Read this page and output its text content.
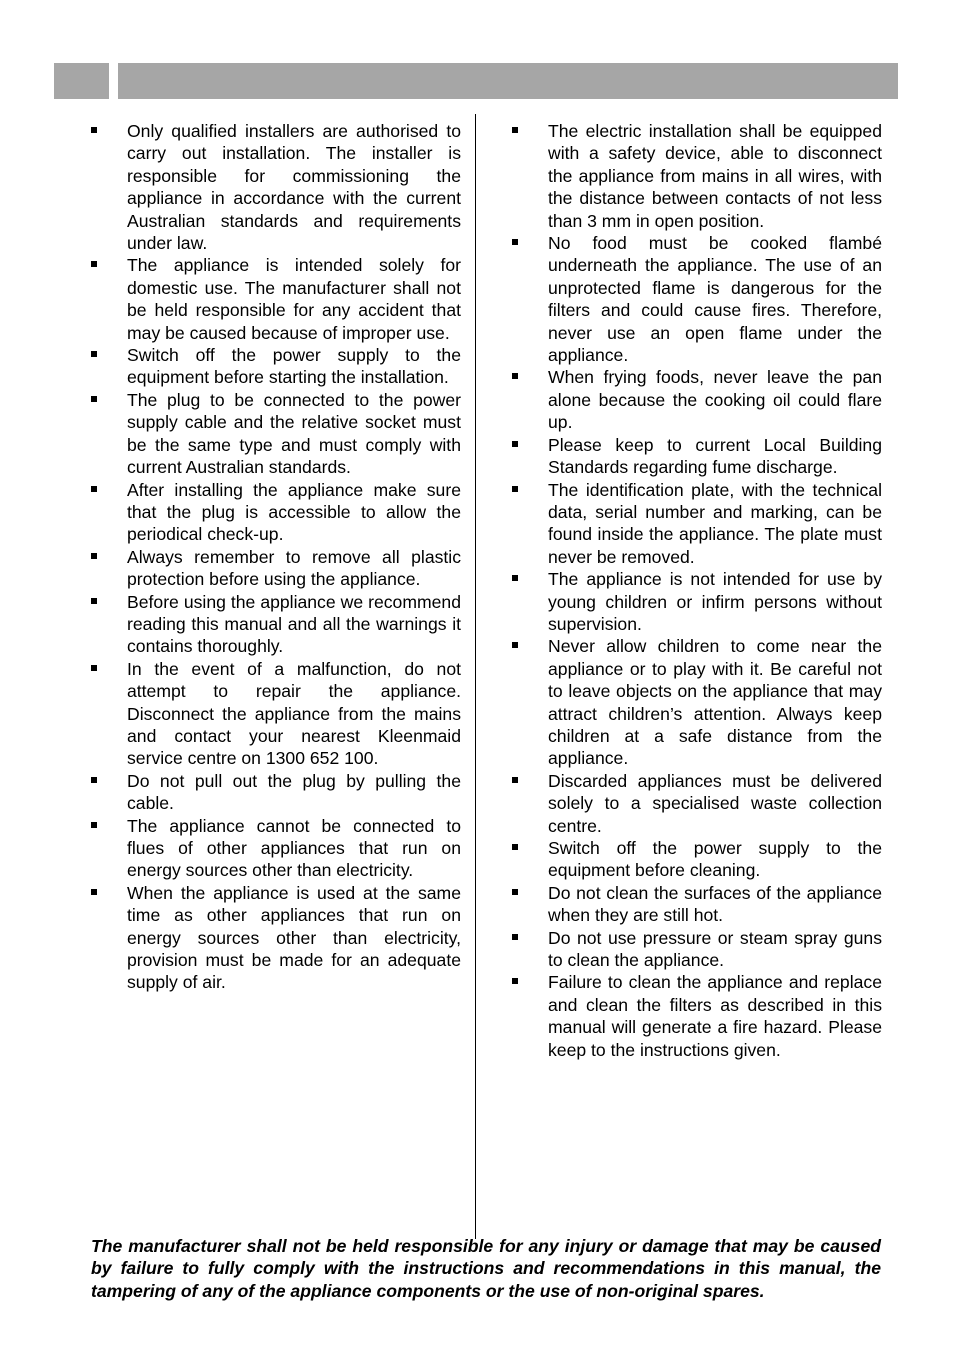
Only qualified installers are authorised to carry out installation. The installer is responsible for commissioning the appliance in accordance with the current Australian standards and requirements under law.
The appliance is intended solely for domestic use. The manufacturer shall not be held responsible for any accident that may be caused because of improper use.
Switch off the power supply to the equipment before starting the installation.
The plug to be connected to the power supply cable and the relative socket must be the same type and must comply with current Australian standards.
After installing the appliance make sure that the plug is accessible to allow the periodical check-up.
Always remember to remove all plastic protection before using the appliance.
Before using the appliance we recommend reading this manual and all the warnings it contains thoroughly.
In the event of a malfunction, do not attempt to repair the appliance. Disconnect the appliance from the mains and contact your nearest Kleenmaid service centre on 1300 652 100.
Do not pull out the plug by pulling the cable.
The appliance cannot be connected to flues of other appliances that run on energy sources other than electricity.
When the appliance is used at the same time as other appliances that run on energy sources other than electricity, provision must be made for an adequate supply of air.
The electric installation shall be equipped with a safety device, able to disconnect the appliance from mains in all wires, with the distance between contacts of not less than 3 mm in open position.
No food must be cooked flambé underneath the appliance. The use of an unprotected flame is dangerous for the filters and could cause fires. Therefore, never use an open flame under the appliance.
When frying foods, never leave the pan alone because the cooking oil could flare up.
Please keep to current Local Building Standards regarding fume discharge.
The identification plate, with the technical data, serial number and marking, can be found inside the appliance. The plate must never be removed.
The appliance is not intended for use by young children or infirm persons without supervision.
Never allow children to come near the appliance or to play with it. Be careful not to leave objects on the appliance that may attract children’s attention. Always keep children at a safe distance from the appliance.
Discarded appliances must be delivered solely to a specialised waste collection centre.
Switch off the power supply to the equipment before cleaning.
Do not clean the surfaces of the appliance when they are still hot.
Do not use pressure or steam spray guns to clean the appliance.
Failure to clean the appliance and replace and clean the filters as described in this manual will generate a fire hazard. Please keep to the instructions given.
The manufacturer shall not be held responsible for any injury or damage that may be caused by failure to fully comply with the instructions and recommendations in this manual, the tampering of any of the appliance components or the use of non-original spares.
